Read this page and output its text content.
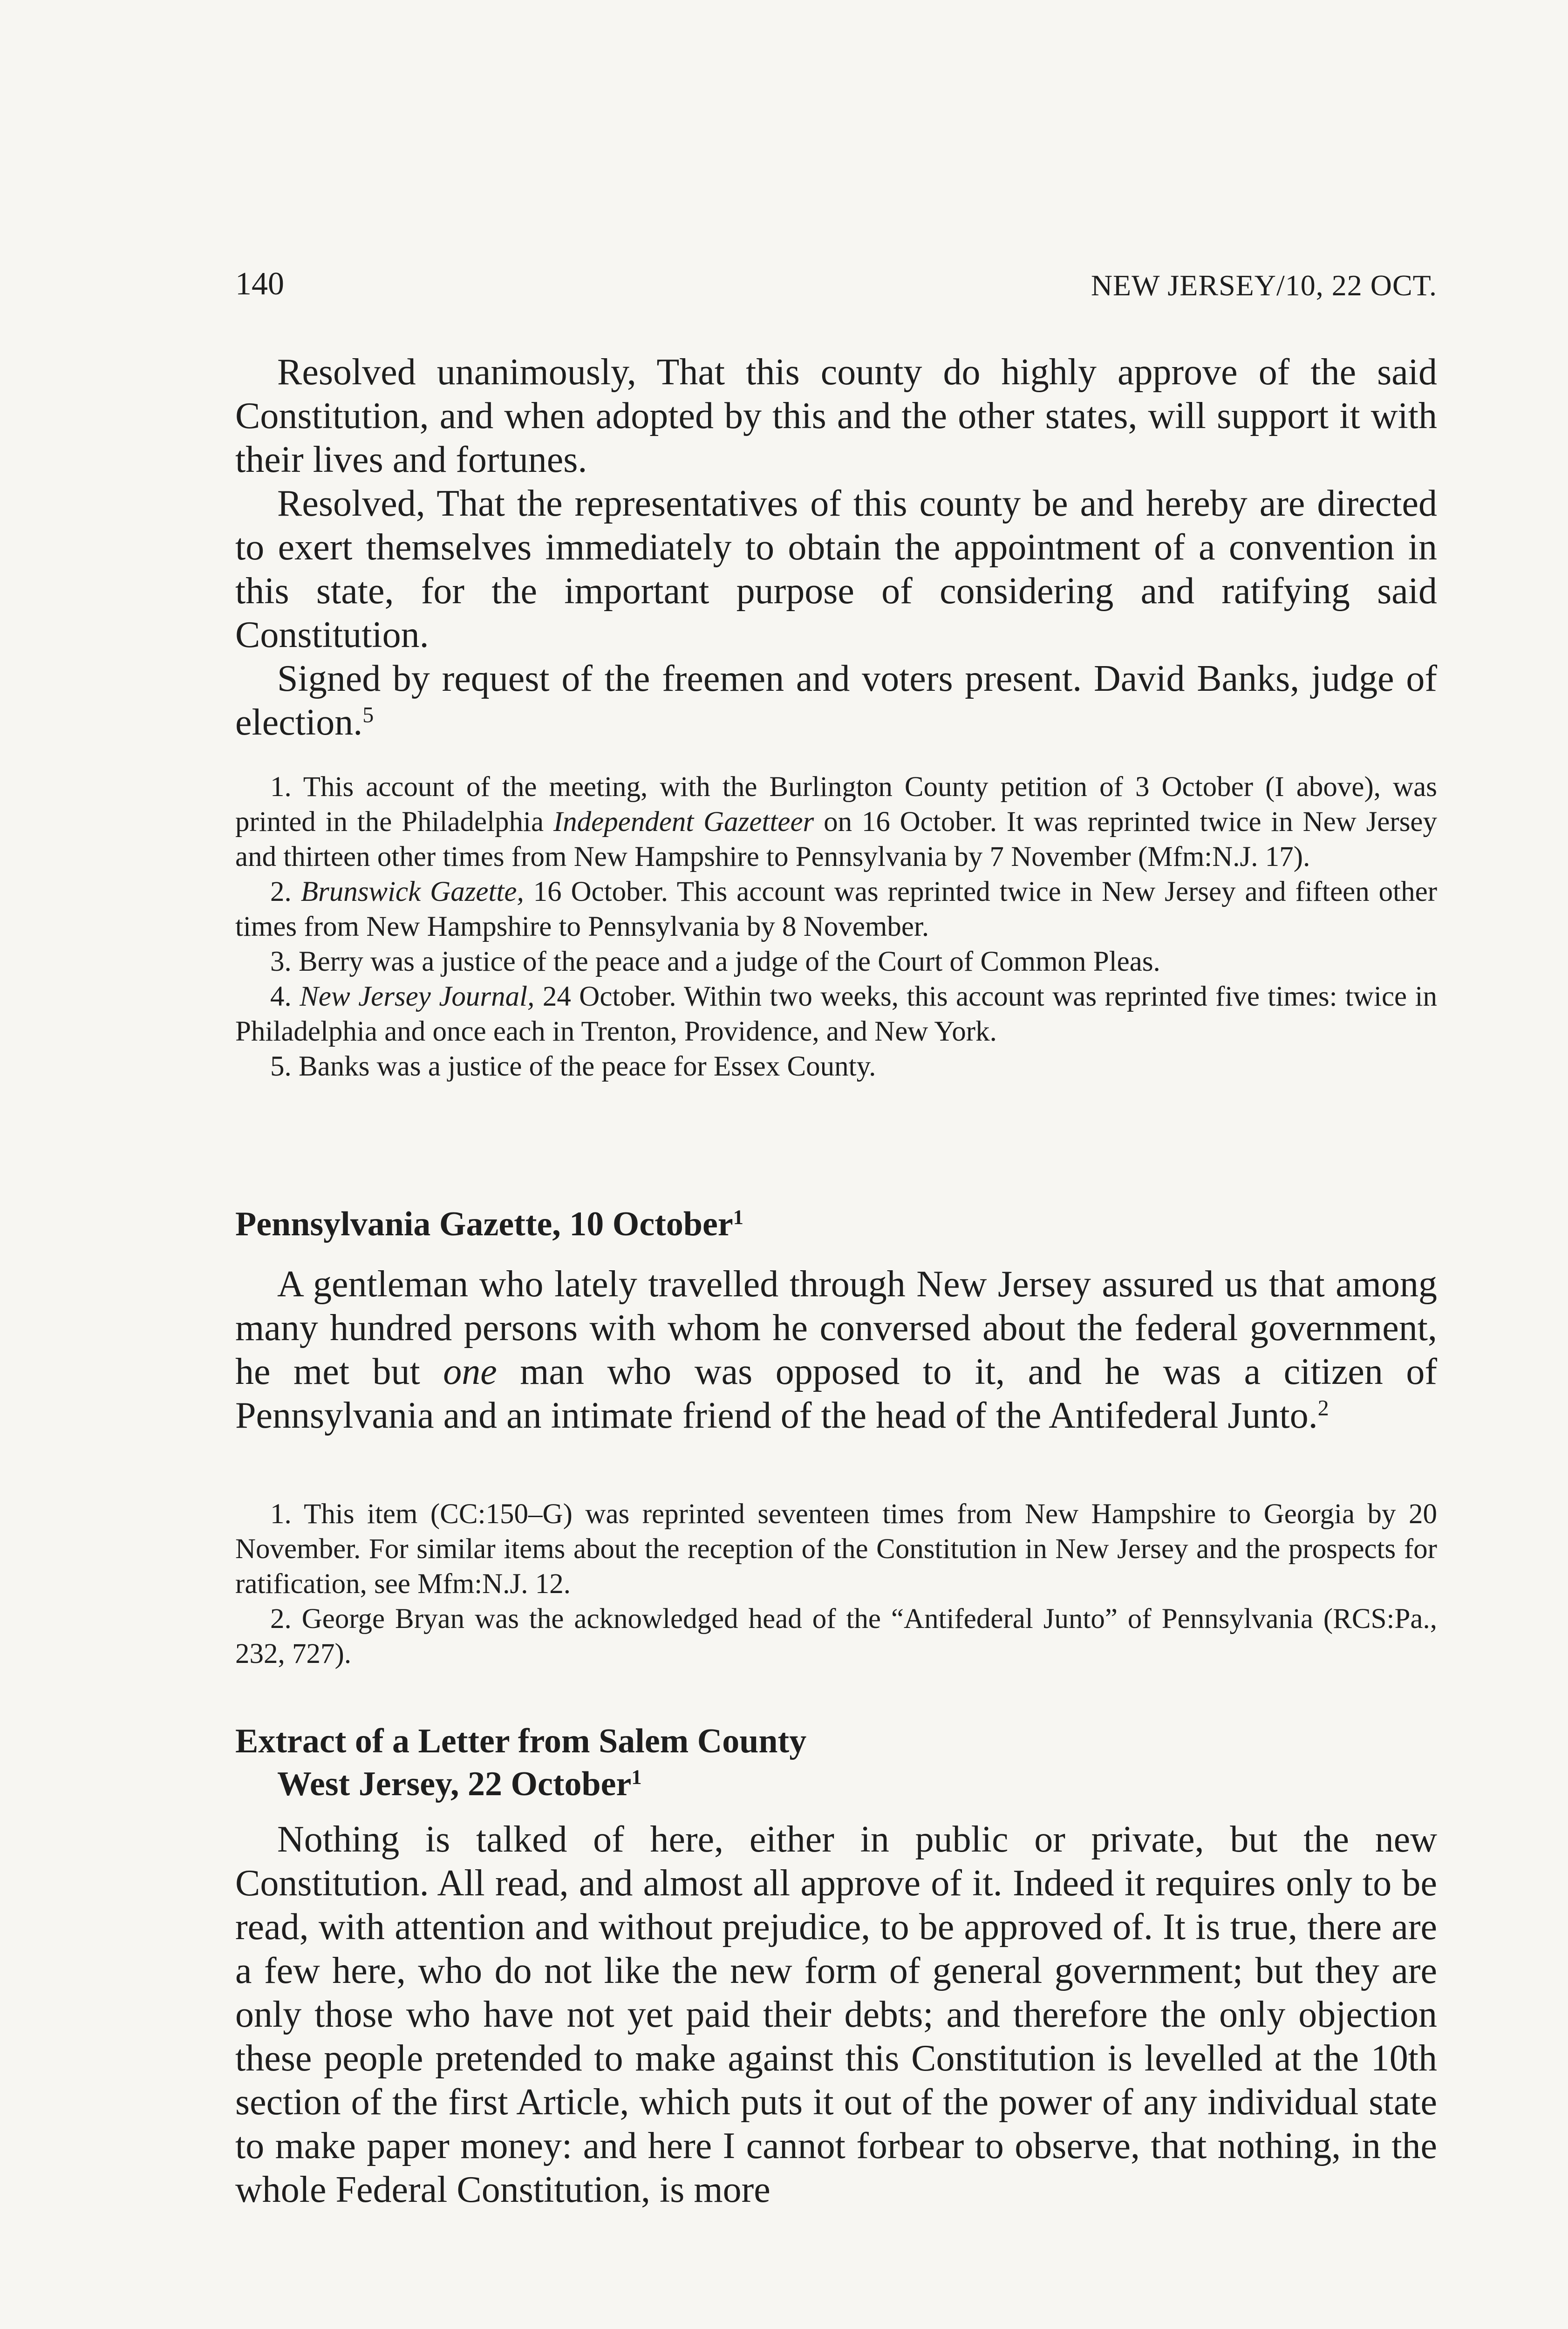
140	NEW JERSEY/10, 22 OCT.

Resolved unanimously, That this county do highly approve of the said Constitution, and when adopted by this and the other states, will support it with their lives and fortunes.

Resolved, That the representatives of this county be and hereby are directed to exert themselves immediately to obtain the appointment of a convention in this state, for the important purpose of considering and ratifying said Constitution.

Signed by request of the freemen and voters present. David Banks, judge of election.$^5$

1. This account of the meeting, with the Burlington County petition of 3 October (I above), was printed in the Philadelphia Independent Gazetteer on 16 October. It was reprinted twice in New Jersey and thirteen other times from New Hampshire to Pennsylvania by 7 November (Mfm:N.J. 17).

2. Brunswick Gazette, 16 October. This account was reprinted twice in New Jersey and fifteen other times from New Hampshire to Pennsylvania by 8 November.

3. Berry was a justice of the peace and a judge of the Court of Common Pleas.

4. New Jersey Journal, 24 October. Within two weeks, this account was reprinted five times: twice in Philadelphia and once each in Trenton, Providence, and New York.

5. Banks was a justice of the peace for Essex County.

Pennsylvania Gazette, 10 October$^1$

A gentleman who lately travelled through New Jersey assured us that among many hundred persons with whom he conversed about the federal government, he met but one man who was opposed to it, and he was a citizen of Pennsylvania and an intimate friend of the head of the Antifederal Junto.$^2$

1. This item (CC:150–G) was reprinted seventeen times from New Hampshire to Georgia by 20 November. For similar items about the reception of the Constitution in New Jersey and the prospects for ratification, see Mfm:N.J. 12.

2. George Bryan was the acknowledged head of the “Antifederal Junto” of Pennsylvania (RCS:Pa., 232, 727).

Extract of a Letter from Salem County

West Jersey, 22 October$^1$

Nothing is talked of here, either in public or private, but the new Constitution. All read, and almost all approve of it. Indeed it requires only to be read, with attention and without prejudice, to be approved of. It is true, there are a few here, who do not like the new form of general government; but they are only those who have not yet paid their debts; and therefore the only objection these people pretended to make against this Constitution is levelled at the 10th section of the first Article, which puts it out of the power of any individual state to make paper money: and here I cannot forbear to observe, that nothing, in the whole Federal Constitution, is more
